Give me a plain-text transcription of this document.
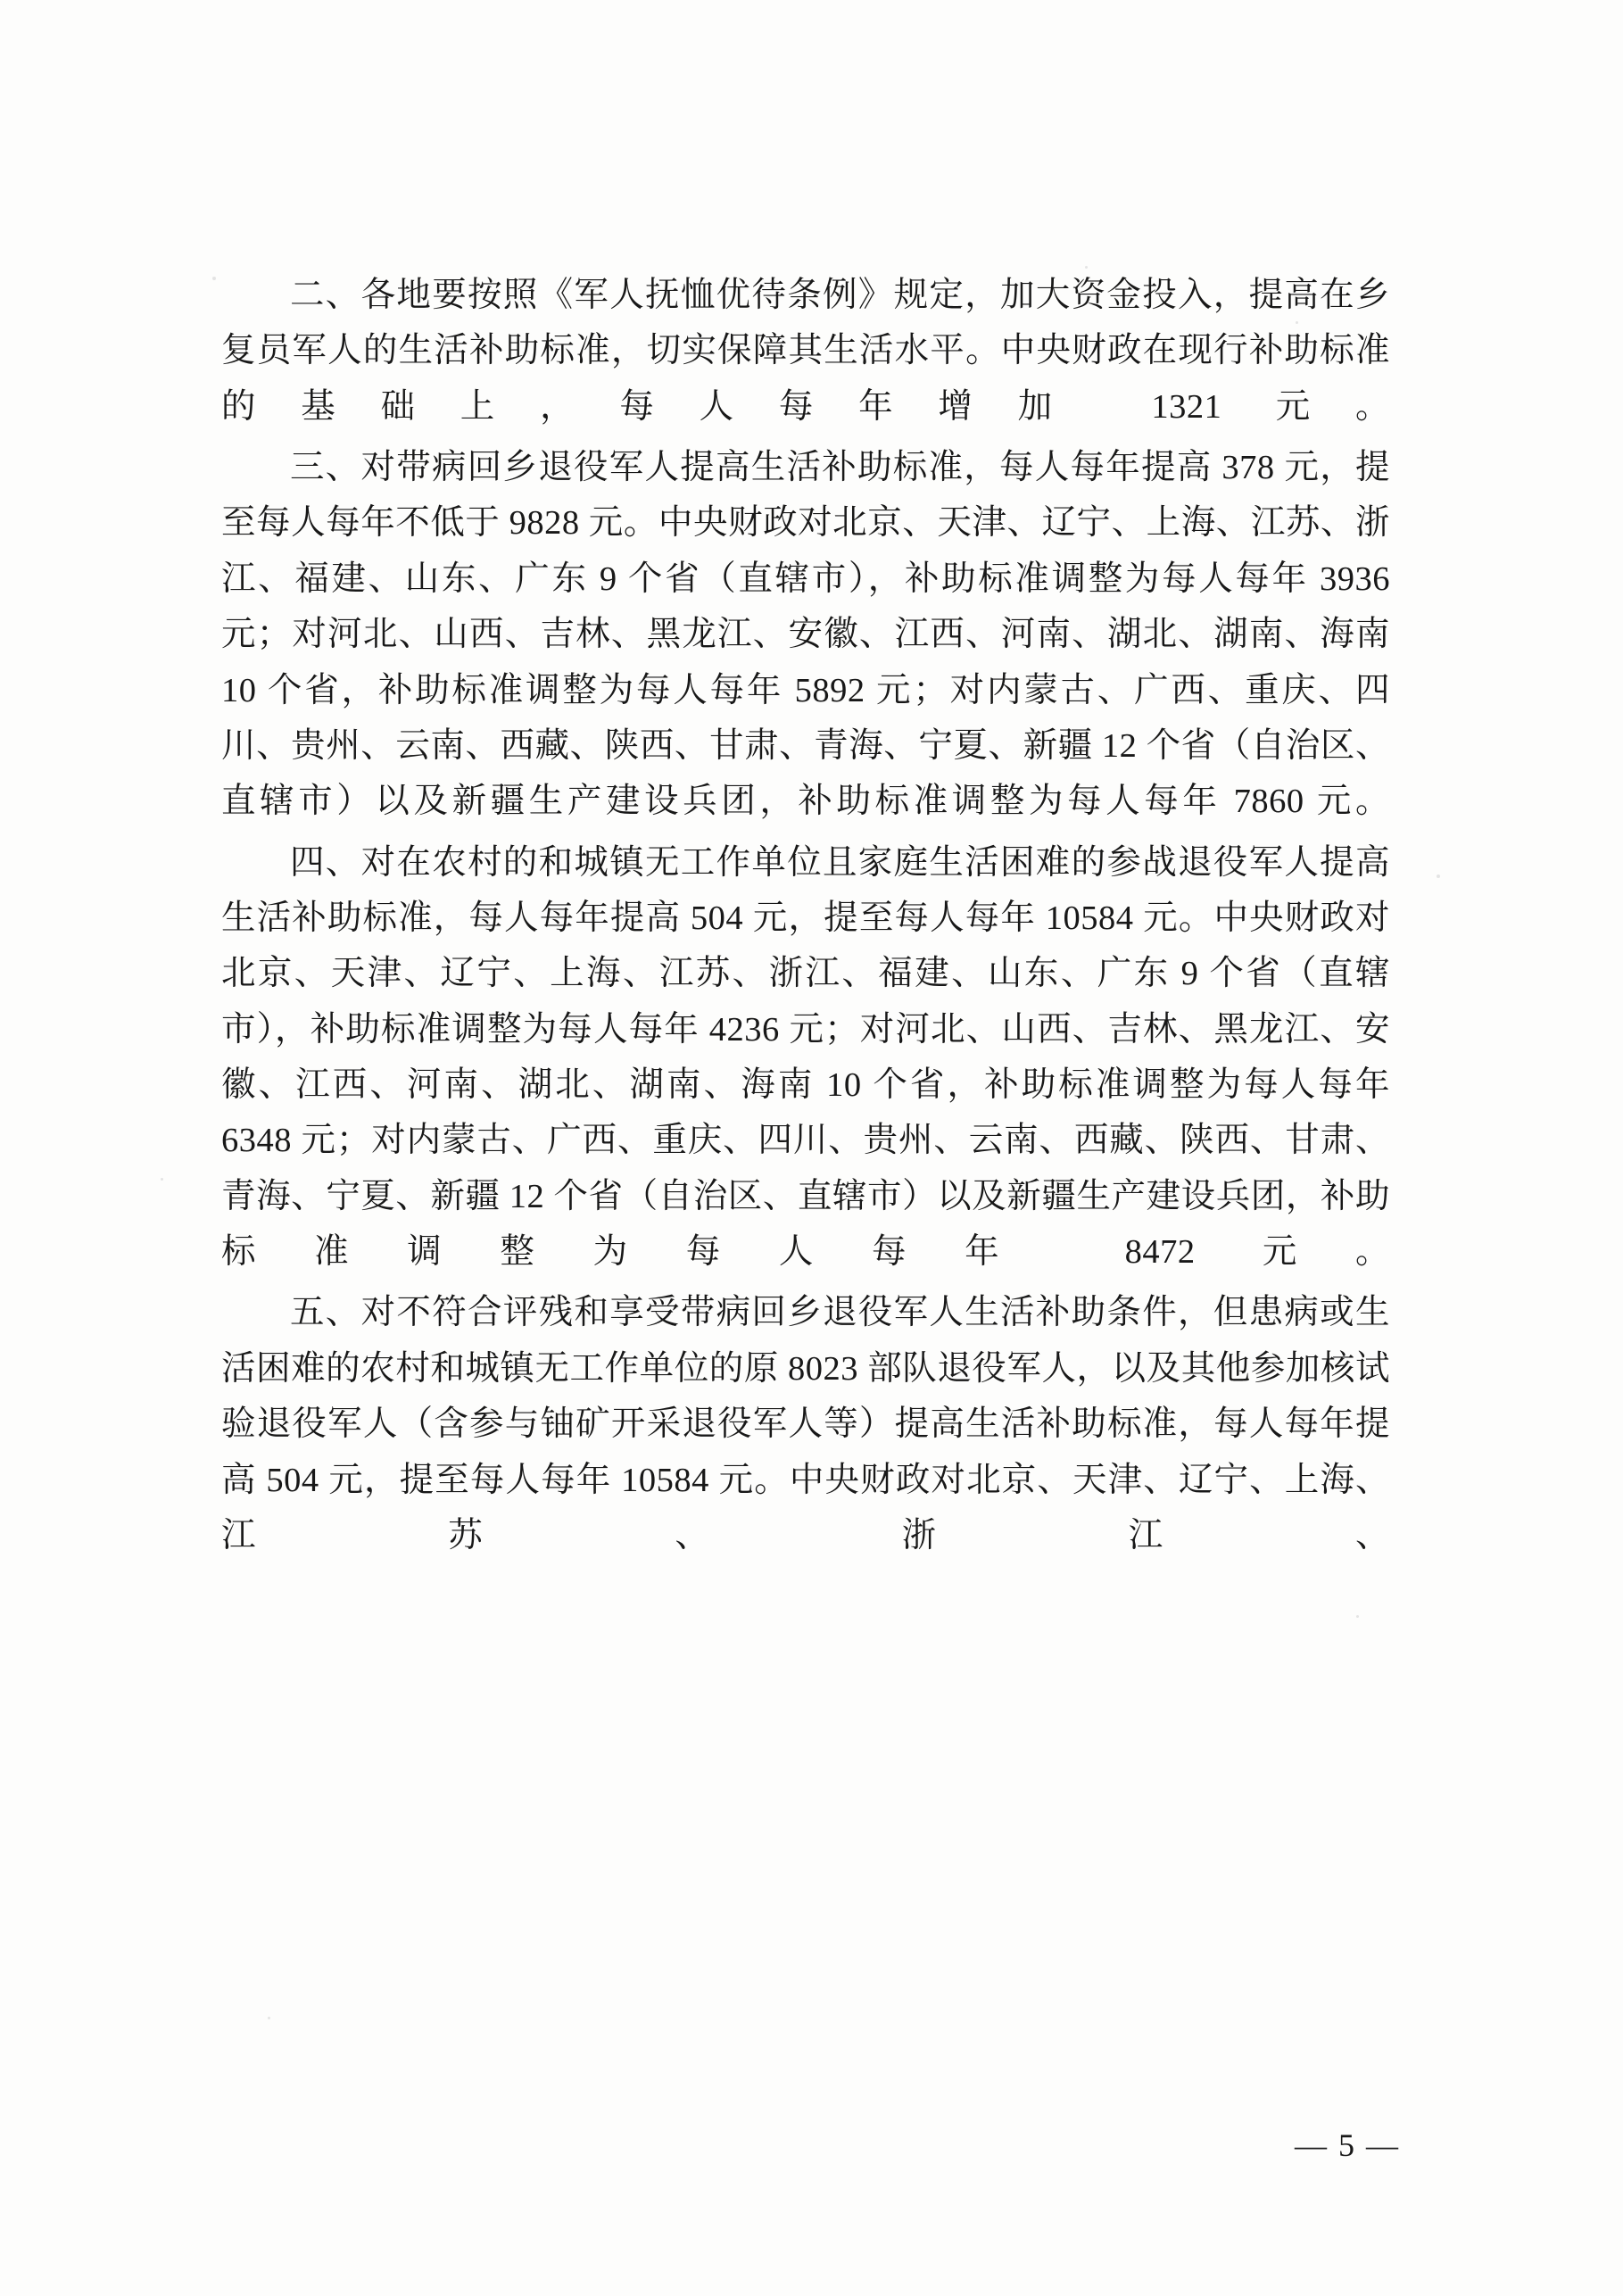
二、各地要按照《军人抚恤优待条例》规定，加大资金投入，提高在乡复员军人的生活补助标准，切实保障其生活水平。中央财政在现行补助标准的基础上，每人每年增加 1321 元。

三、对带病回乡退役军人提高生活补助标准，每人每年提高 378 元，提至每人每年不低于 9828 元。中央财政对北京、天津、辽宁、上海、江苏、浙江、福建、山东、广东 9 个省（直辖市），补助标准调整为每人每年 3936 元；对河北、山西、吉林、黑龙江、安徽、江西、河南、湖北、湖南、海南 10 个省，补助标准调整为每人每年 5892 元；对内蒙古、广西、重庆、四川、贵州、云南、西藏、陕西、甘肃、青海、宁夏、新疆 12 个省（自治区、直辖市）以及新疆生产建设兵团，补助标准调整为每人每年 7860 元。

四、对在农村的和城镇无工作单位且家庭生活困难的参战退役军人提高生活补助标准，每人每年提高 504 元，提至每人每年 10584 元。中央财政对北京、天津、辽宁、上海、江苏、浙江、福建、山东、广东 9 个省（直辖市），补助标准调整为每人每年 4236 元；对河北、山西、吉林、黑龙江、安徽、江西、河南、湖北、湖南、海南 10 个省，补助标准调整为每人每年 6348 元；对内蒙古、广西、重庆、四川、贵州、云南、西藏、陕西、甘肃、青海、宁夏、新疆 12 个省（自治区、直辖市）以及新疆生产建设兵团，补助标准调整为每人每年 8472 元。

五、对不符合评残和享受带病回乡退役军人生活补助条件，但患病或生活困难的农村和城镇无工作单位的原 8023 部队退役军人，以及其他参加核试验退役军人（含参与铀矿开采退役军人等）提高生活补助标准，每人每年提高 504 元，提至每人每年 10584 元。中央财政对北京、天津、辽宁、上海、江苏、浙江、

— 5 —
